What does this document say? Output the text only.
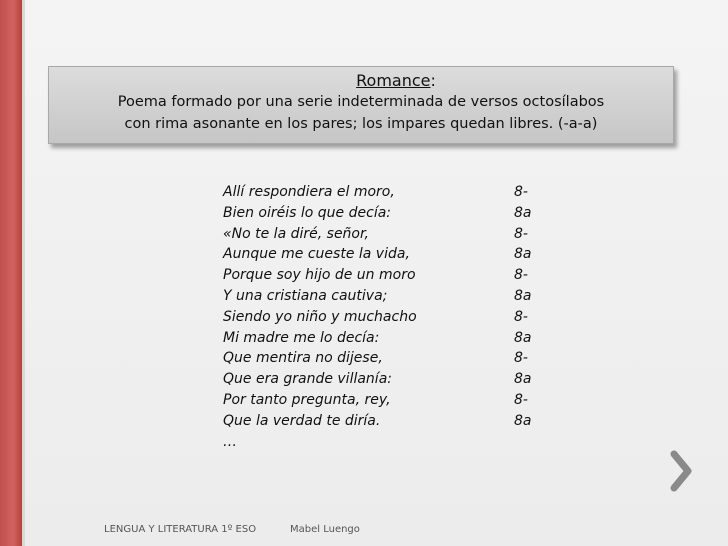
Romance:
Poema formado por una serie indeterminada de versos octosílabos
con rima asonante en los pares; los impares quedan libres. (-a-a)
Allí respondiera el moro,	8-
Bien oiréis lo que decía:	8a
«No te la diré, señor,	8-
Aunque me cueste la vida,	8a
Porque soy hijo de un moro	8-
Y una cristiana cautiva;	8a
Siendo yo niño y muchacho	8-
Mi madre me lo decía:	8a
Que mentira no dijese,	8-
Que era grande villanía:	8a
Por tanto pregunta, rey,	8-
Que la verdad te diría.	8a
…
LENGUA Y LITERATURA 1º ESO	Mabel Luengo
